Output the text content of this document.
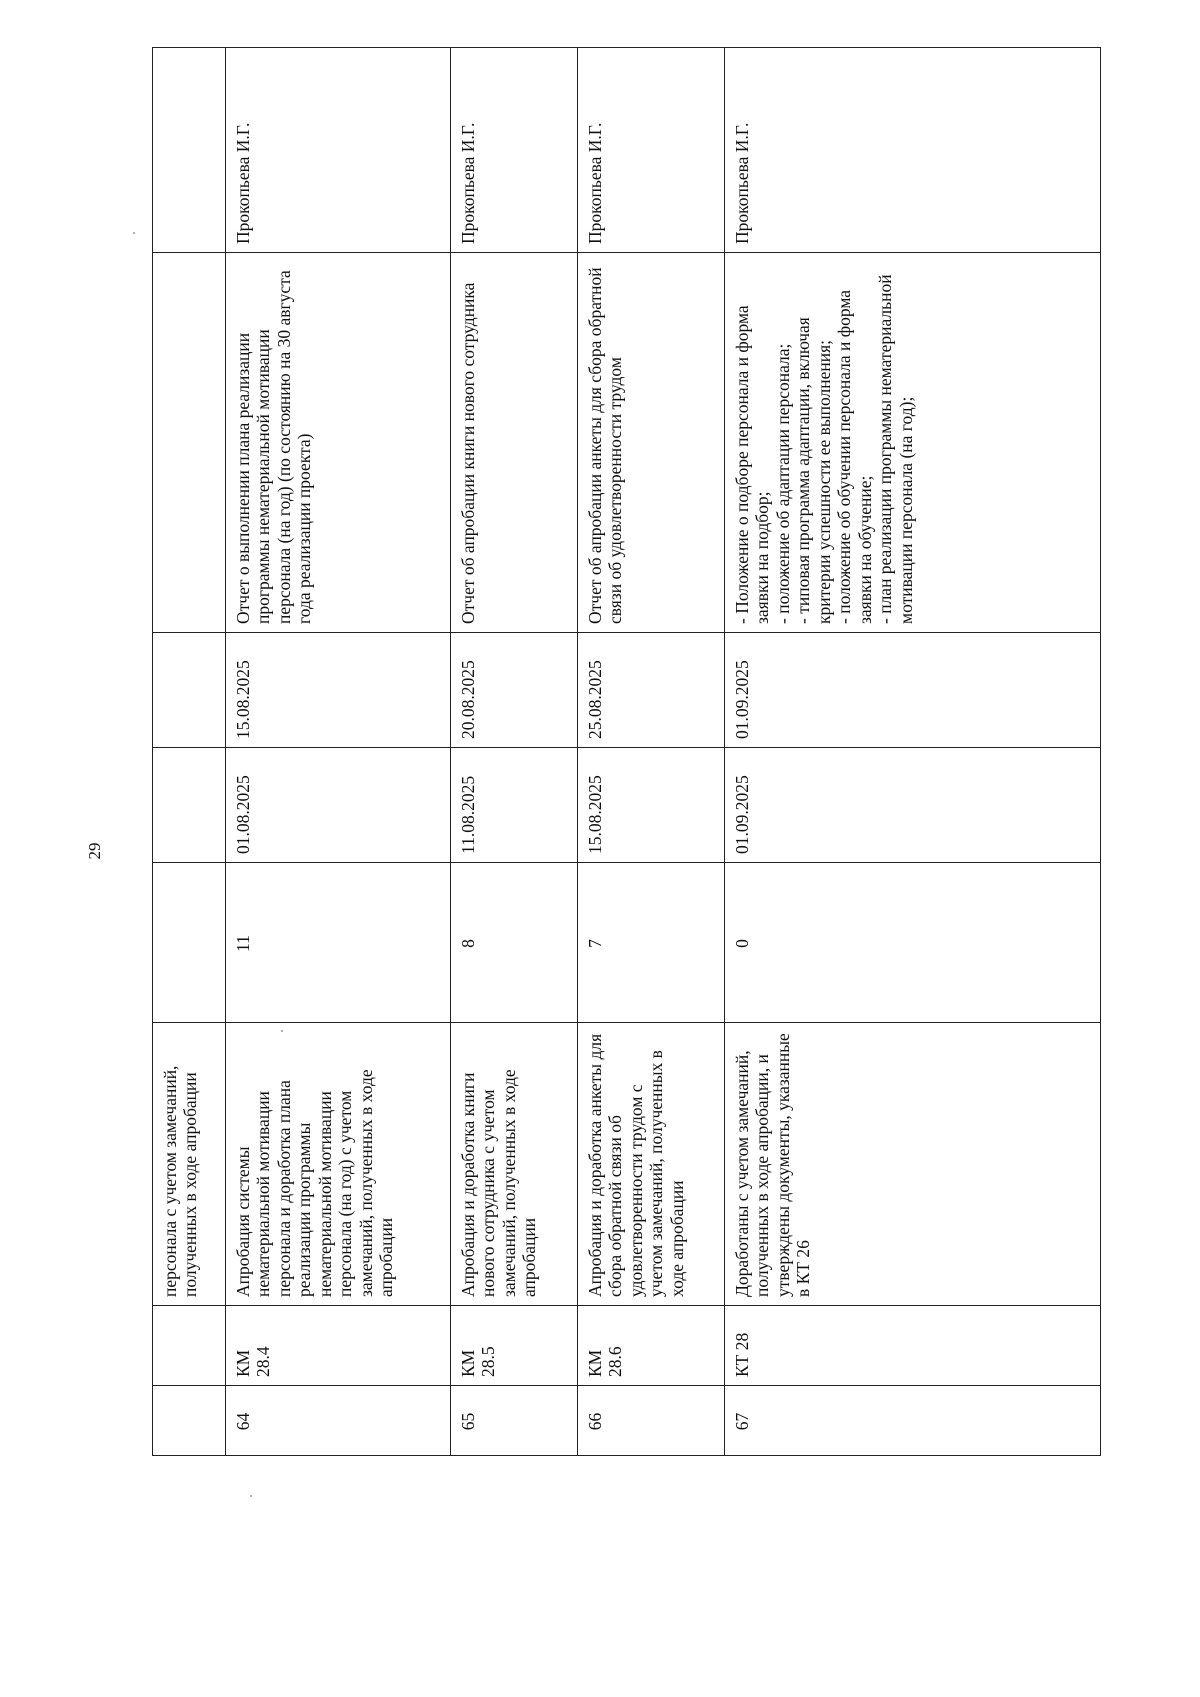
29
		персонала с учетом замечаний, полученных в ходе апробации					
64	КМ 28.4	Апробация системы нематериальной мотивации персонала и доработка плана реализации программы нематериальной мотивации персонала (на год) с учетом замечаний, полученных в ходе апробации	11	01.08.2025	15.08.2025	Отчет о выполнении плана реализации программы нематериальной мотивации персонала (на год) (по состоянию на 30 августа года реализации проекта)	Прокопьева И.Г.
65	КМ 28.5	Апробация и доработка книги нового сотрудника с учетом замечаний, полученных в ходе апробации	8	11.08.2025	20.08.2025	Отчет об апробации книги нового сотрудника	Прокопьева И.Г.
66	КМ 28.6	Апробация и доработка анкеты для сбора обратной связи об удовлетворенности трудом с учетом замечаний, полученных в ходе апробации	7	15.08.2025	25.08.2025	Отчет об апробации анкеты для сбора обратной связи об удовлетворенности трудом	Прокопьева И.Г.
67	КТ 28	Доработаны с учетом замечаний, полученных в ходе апробации, и утверждены документы, указанные в КТ 26	0	01.09.2025	01.09.2025	- Положение о подборе персонала и форма заявки на подбор; - положение об адаптации персонала; - типовая программа адаптации, включая критерии успешности ее выполнения; - положение об обучении персонала и форма заявки на обучение; - план реализации программы нематериальной мотивации персонала (на год);	Прокопьева И.Г.
